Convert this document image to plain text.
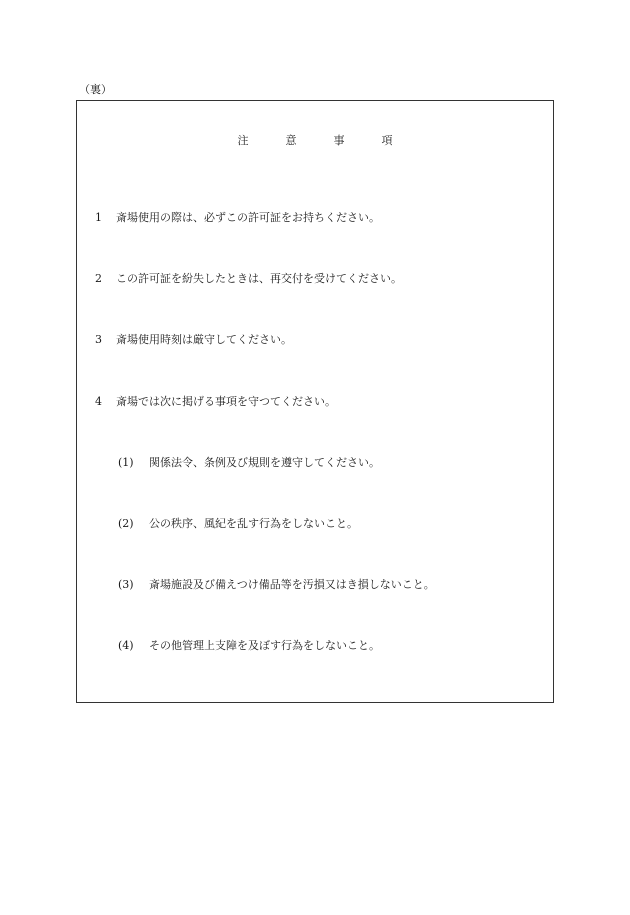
（裏）
注	意	事	項
1 斎場使用の際は、必ずこの許可証をお持ちください。
2 この許可証を紛失したときは、再交付を受けてください。
3 斎場使用時刻は厳守してください。
4 斎場では次に掲げる事項を守つてください。
(1) 関係法令、条例及び規則を遵守してください。
(2) 公の秩序、風紀を乱す行為をしないこと。
(3) 斎場施設及び備えつけ備品等を汚損又はき損しないこと。
(4) その他管理上支障を及ぼす行為をしないこと。
